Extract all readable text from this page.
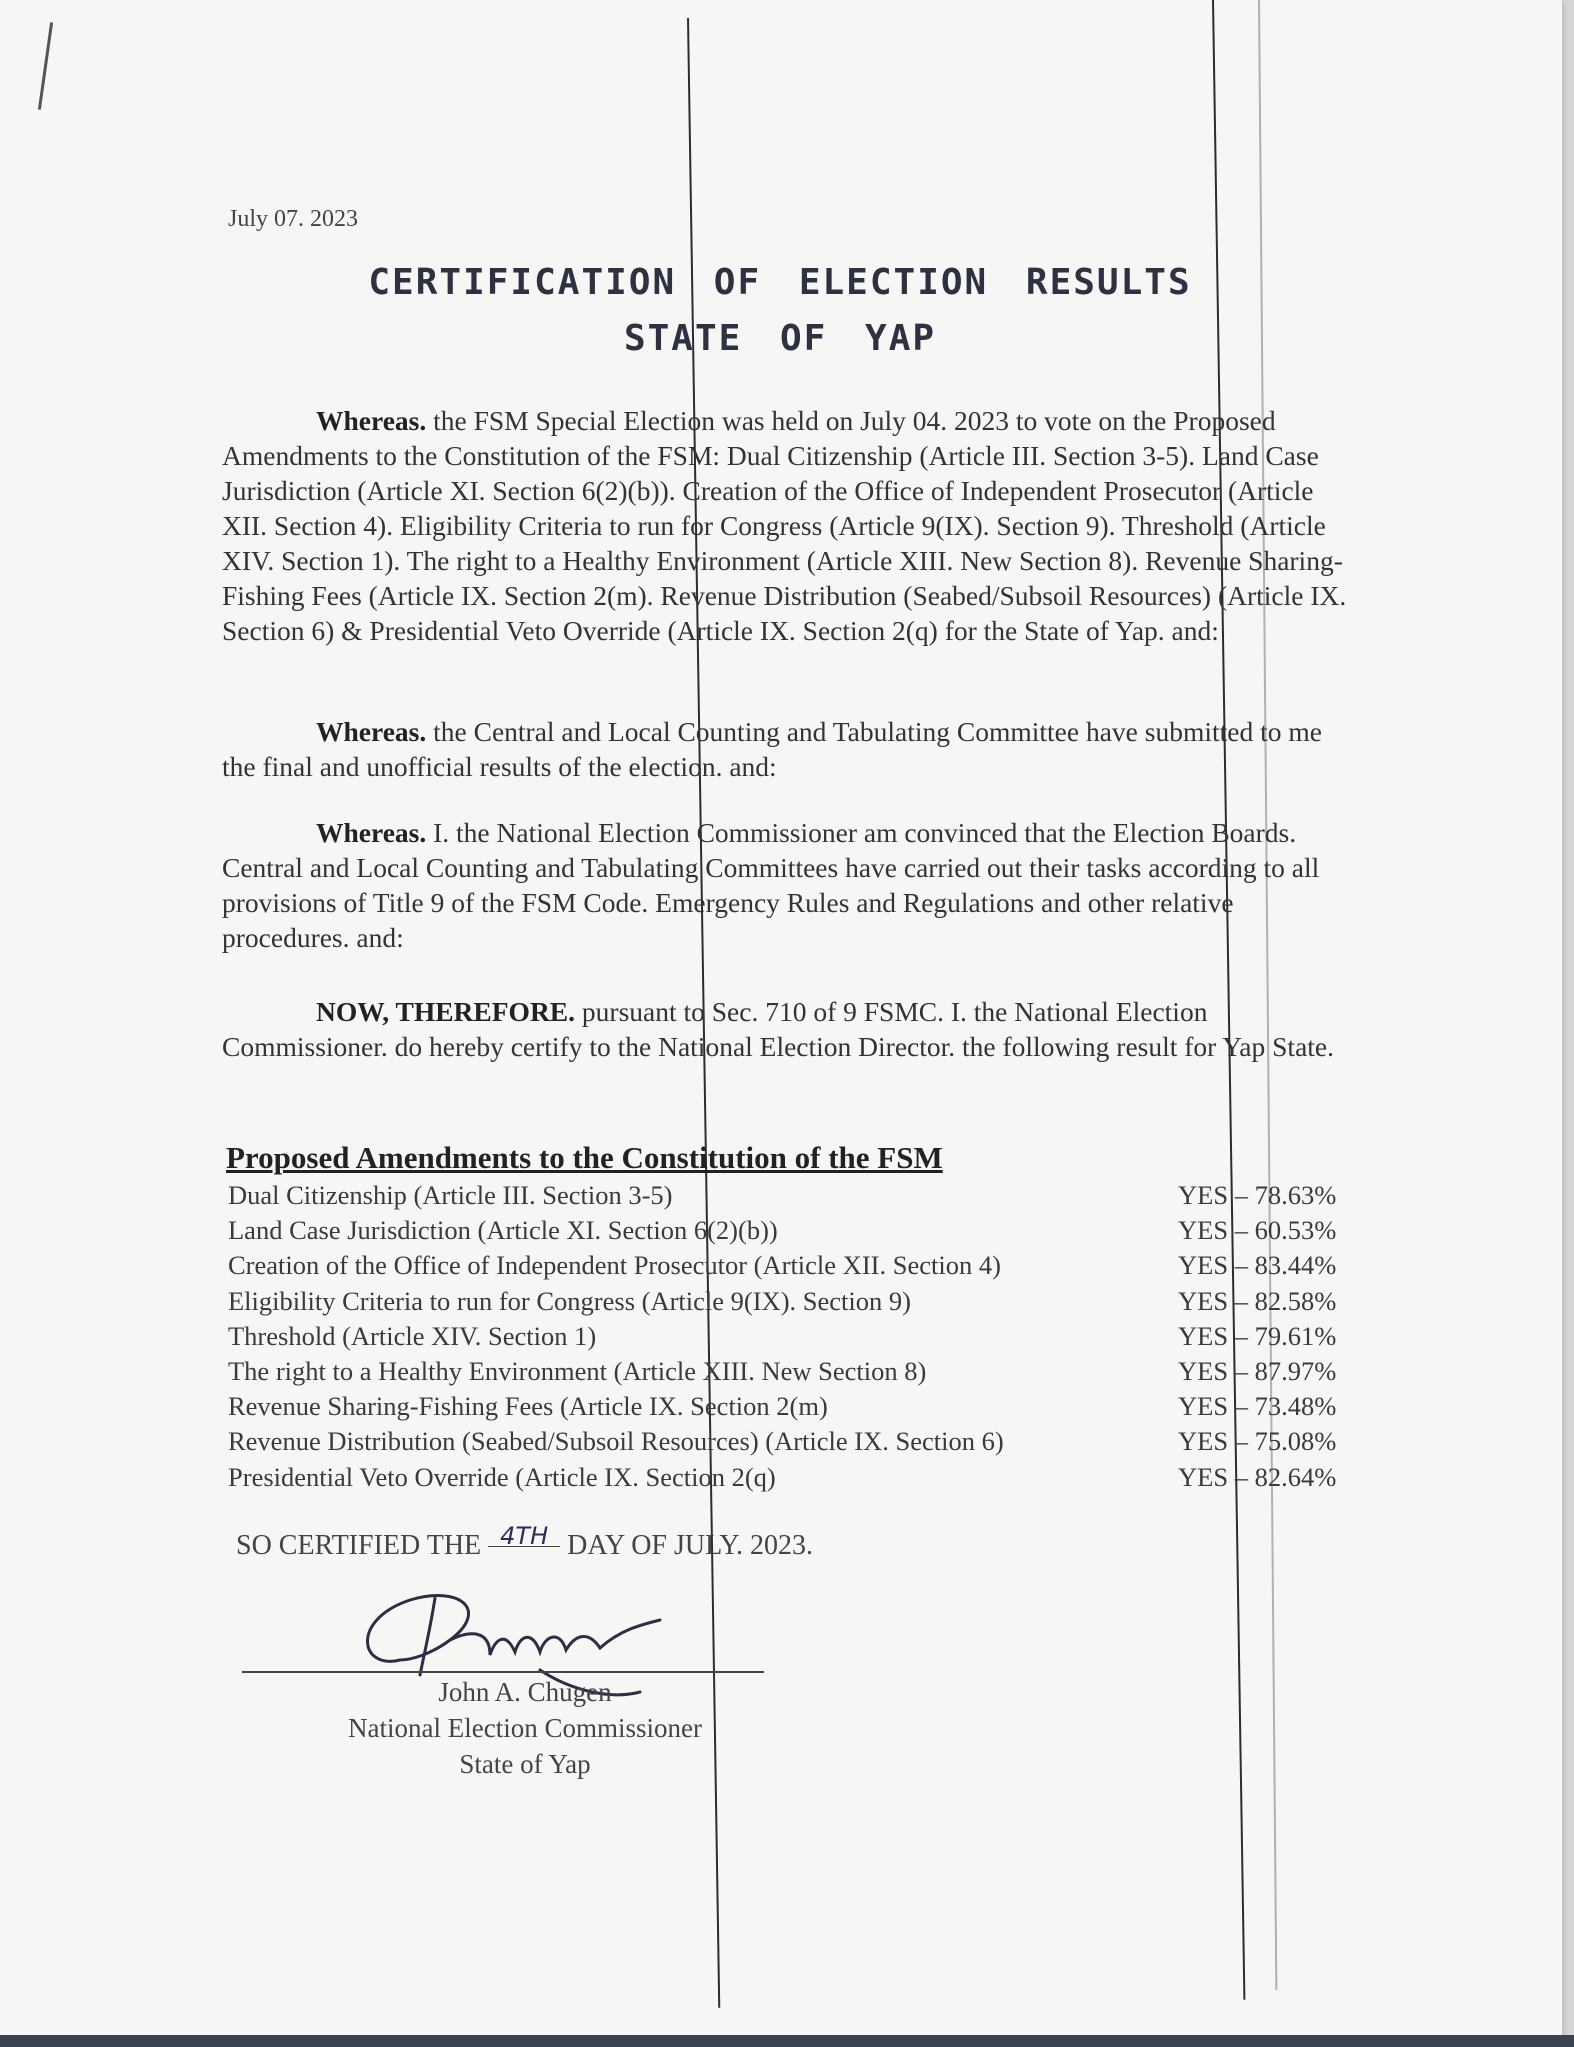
July 07. 2023
CERTIFICATION OF ELECTION RESULTS
STATE OF YAP

Whereas. the FSM Special Election was held on July 04. 2023 to vote on the Proposed Amendments to the Constitution of the FSM: Dual Citizenship (Article III. Section 3-5). Land Case Jurisdiction (Article XI. Section 6(2)(b)). Creation of the Office of Independent Prosecutor (Article XII. Section 4). Eligibility Criteria to run for Congress (Article 9(IX). Section 9). Threshold (Article XIV. Section 1). The right to a Healthy Environment (Article XIII. New Section 8). Revenue Sharing-Fishing Fees (Article IX. Section 2(m). Revenue Distribution (Seabed/Subsoil Resources) (Article IX. Section 6) & Presidential Veto Override (Article IX. Section 2(q) for the State of Yap. and:

Whereas. the Central and Local Counting and Tabulating Committee have submitted to me the final and unofficial results of the election. and:

Whereas. I. the National Election Commissioner am convinced that the Election Boards. Central and Local Counting and Tabulating Committees have carried out their tasks according to all provisions of Title 9 of the FSM Code. Emergency Rules and Regulations and other relative procedures. and:

NOW, THEREFORE. pursuant to Sec. 710 of 9 FSMC. I. the National Election Commissioner. do hereby certify to the National Election Director. the following result for Yap State.

Proposed Amendments to the Constitution of the FSM
Dual Citizenship (Article III. Section 3-5)	YES – 78.63%
Land Case Jurisdiction (Article XI. Section 6(2)(b))	YES – 60.53%
Creation of the Office of Independent Prosecutor (Article XII. Section 4)	YES – 83.44%
Eligibility Criteria to run for Congress (Article 9(IX). Section 9)	YES – 82.58%
Threshold (Article XIV. Section 1)	YES – 79.61%
The right to a Healthy Environment (Article XIII. New Section 8)	YES – 87.97%
Revenue Sharing-Fishing Fees (Article IX. Section 2(m)	YES – 73.48%
Revenue Distribution (Seabed/Subsoil Resources) (Article IX. Section 6)	YES – 75.08%
Presidential Veto Override (Article IX. Section 2(q)	YES – 82.64%
SO CERTIFIED THE 4TH DAY OF JULY. 2023.
John A. Chugen
National Election Commissioner
State of Yap
